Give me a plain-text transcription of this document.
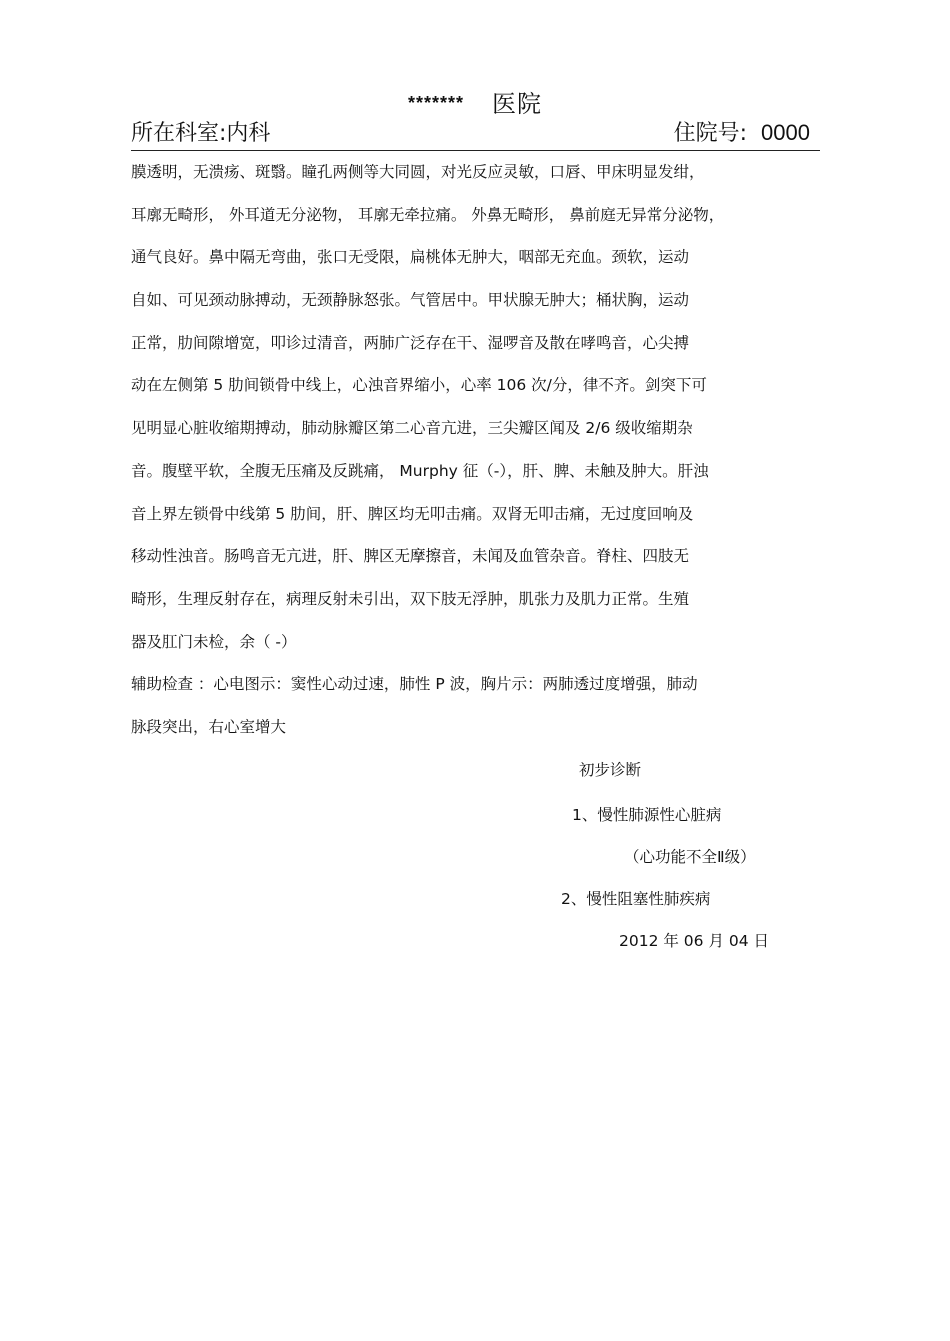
******* 医院
所在科室:内科	住院号: 0000
膜透明，无溃疡、斑翳。瞳孔两侧等大同圆，对光反应灵敏，口唇、甲床明显发绀，
耳廓无畸形， 外耳道无分泌物， 耳廓无牵拉痛。 外鼻无畸形， 鼻前庭无异常分泌物，
通气良好。鼻中隔无弯曲，张口无受限，扁桃体无肿大，咽部无充血。颈软，运动
自如、可见颈动脉搏动，无颈静脉怒张。气管居中。甲状腺无肿大；桶状胸，运动
正常，肋间隙增宽，叩诊过清音，两肺广泛存在干、湿啰音及散在哮鸣音，心尖搏
动在左侧第 5 肋间锁骨中线上，心浊音界缩小，心率 106 次/分，律不齐。剑突下可
见明显心脏收缩期搏动，肺动脉瓣区第二心音亢进，三尖瓣区闻及 2/6 级收缩期杂
音。腹壁平软，全腹无压痛及反跳痛， Murphy 征（-），肝、脾、未触及肿大。肝浊
音上界左锁骨中线第 5 肋间，肝、脾区均无叩击痛。双肾无叩击痛，无过度回响及
移动性浊音。肠鸣音无亢进，肝、脾区无摩擦音，未闻及血管杂音。脊柱、四肢无
畸形，生理反射存在，病理反射未引出，双下肢无浮肿，肌张力及肌力正常。生殖
器及肛门未检，余（ -）
辅助检查 ：心电图示：窦性心动过速，肺性 P 波，胸片示：两肺透过度增强，肺动
脉段突出，右心室增大
初步诊断
1、慢性肺源性心脏病
（心功能不全Ⅱ级）
2、慢性阻塞性肺疾病
2012 年 06 月 04 日
